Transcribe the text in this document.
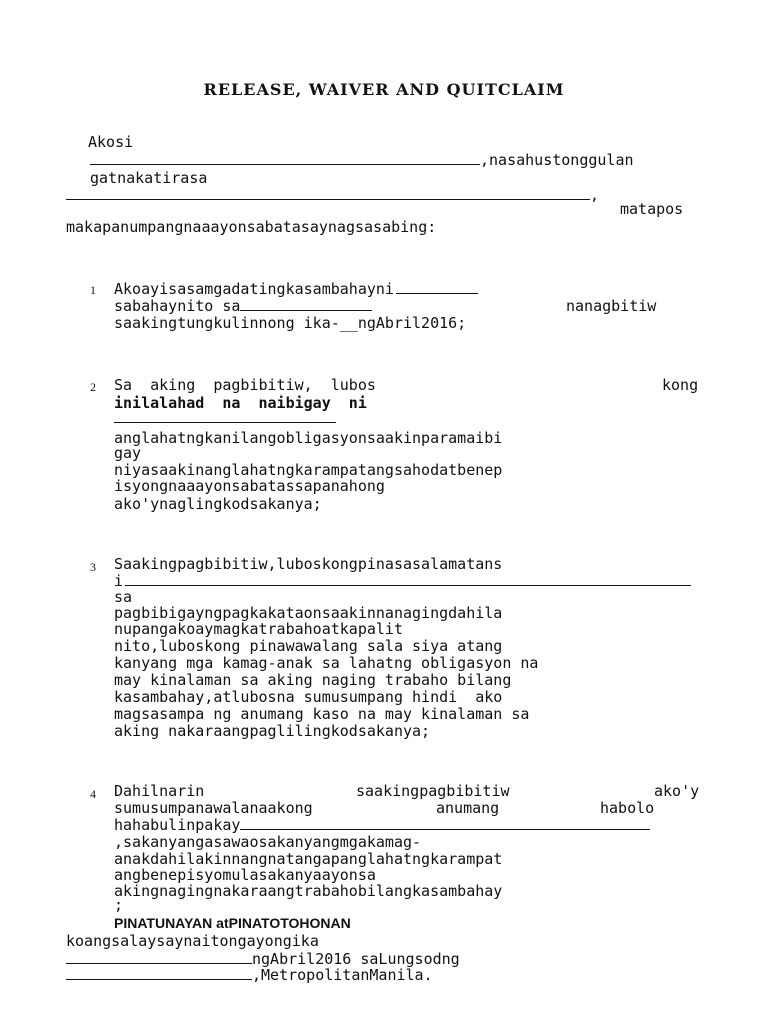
RELEASE, WAIVER AND QUITCLAIM
Akosi
,nasahustonggulan
gatnakatirasa
,
matapos
makapanumpangnaaayonsabatasaynagsasabing:
1 Akoayisasamgadatingkasambahayni
sabahaynito sa	nanagbitiw
saakingtungkulinnong ika-__ngAbril2016;
2 Sa  aking  pagbibitiw,  lubos	kong
inilalahad  na  naibigay  ni
anglahatngkanilangobligasyonsaakinparamaibi
gay
niyasaakinanglahatngkarampatangsahodatbenep
isyongnaaayonsabatassapanahong
ako'ynaglingkodsakanya;
3 Saakingpagbibitiw,luboskongpinasasalamatans
i
sa
pagbibigayngpagkakataonsaakinnanagingdahila
nupangakoaymagkatrabahoatkapalit
nito,luboskong pinawawalang sala siya atang
kanyang mga kamag-anak sa lahatng obligasyon na
may kinalaman sa aking naging trabaho bilang
kasambahay,atlubosna sumusumpang hindi  ako
magsasampa ng anumang kaso na may kinalaman sa
aking nakaraangpaglilingkodsakanya;
4 Dahilnarin	saakingpagbibitiw	ako'y
sumusumpanawalanaakong	anumang	habolo
hahabulinpakay
,sakanyangasawaosakanyangmgakamag-
anakdahilakinnangnatangapanglahatngkarampat
angbenepisyomulasakanyaayonsa
akingnagingnakaraangtrabahobilangkasambahay
;
PINATUNAYAN atPINATOTOHONAN
koangsalaysaynaitongayongika
ngAbril2016 saLungsodng
,MetropolitanManila.
